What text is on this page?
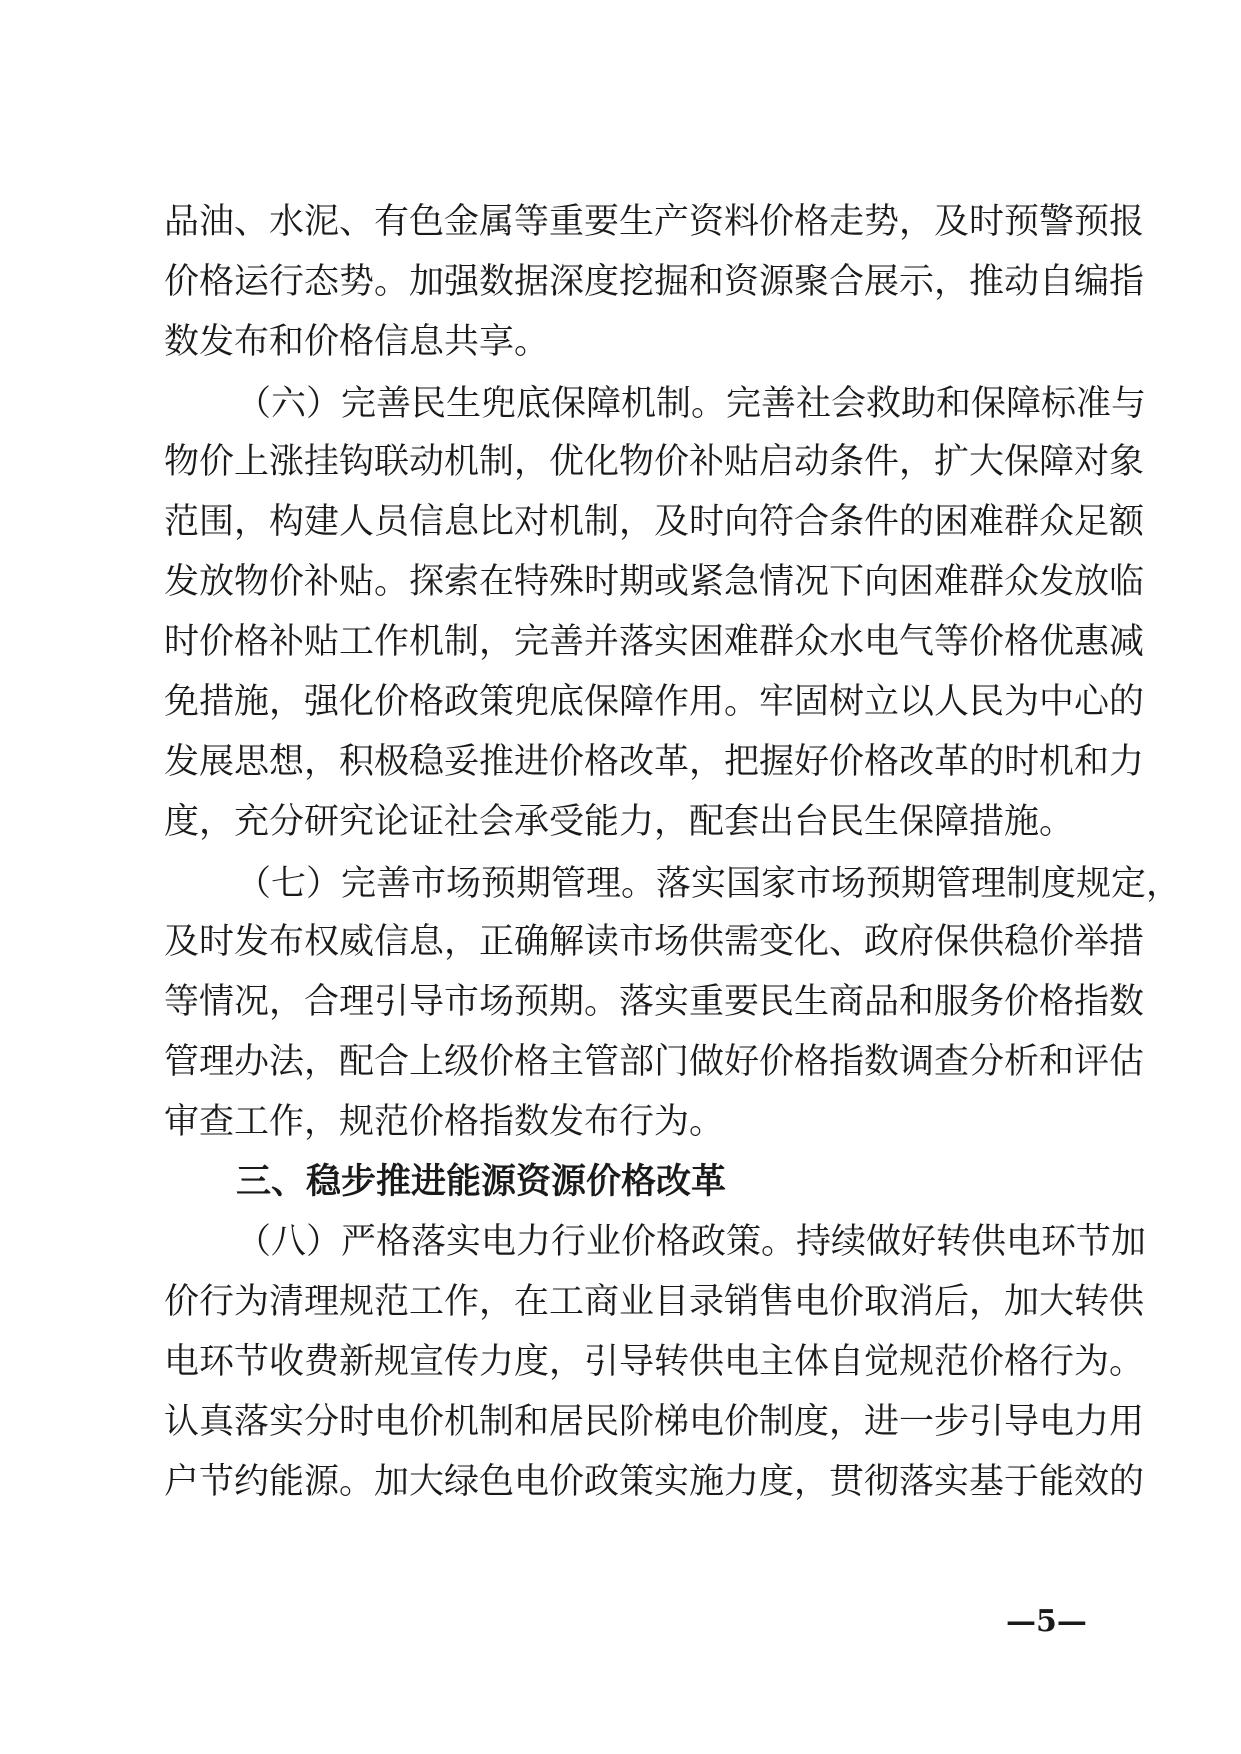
品油、水泥、有色金属等重要生产资料价格走势，及时预警预报
价格运行态势。加强数据深度挖掘和资源聚合展示，推动自编指
数发布和价格信息共享。
（六）完善民生兜底保障机制。完善社会救助和保障标准与
物价上涨挂钩联动机制，优化物价补贴启动条件，扩大保障对象
范围，构建人员信息比对机制，及时向符合条件的困难群众足额
发放物价补贴。探索在特殊时期或紧急情况下向困难群众发放临
时价格补贴工作机制，完善并落实困难群众水电气等价格优惠减
免措施，强化价格政策兜底保障作用。牢固树立以人民为中心的
发展思想，积极稳妥推进价格改革，把握好价格改革的时机和力
度，充分研究论证社会承受能力，配套出台民生保障措施。
（七）完善市场预期管理。落实国家市场预期管理制度规定，
及时发布权威信息，正确解读市场供需变化、政府保供稳价举措
等情况，合理引导市场预期。落实重要民生商品和服务价格指数
管理办法，配合上级价格主管部门做好价格指数调查分析和评估
审查工作，规范价格指数发布行为。
三、稳步推进能源资源价格改革
（八）严格落实电力行业价格政策。持续做好转供电环节加
价行为清理规范工作，在工商业目录销售电价取消后，加大转供
电环节收费新规宣传力度，引导转供电主体自觉规范价格行为。
认真落实分时电价机制和居民阶梯电价制度，进一步引导电力用
户节约能源。加大绿色电价政策实施力度，贯彻落实基于能效的
—5—
